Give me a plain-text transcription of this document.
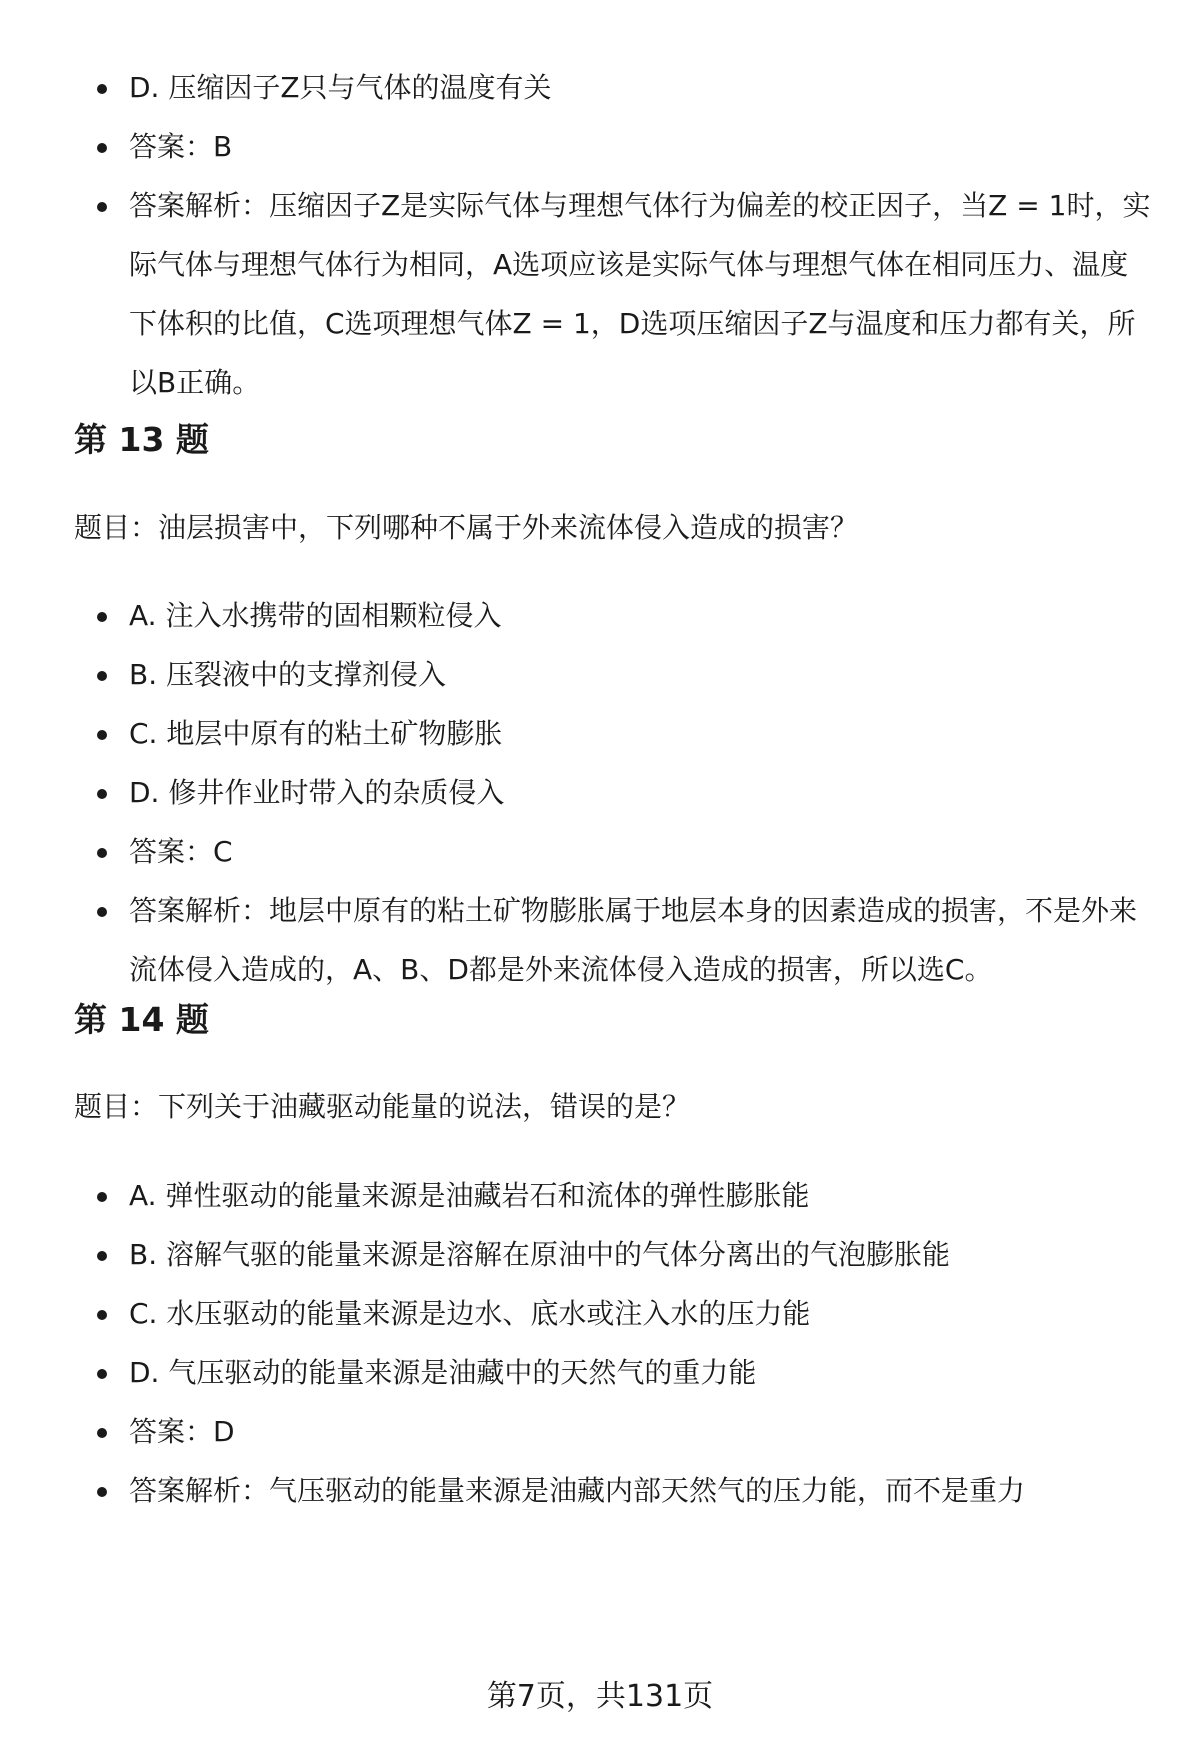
D. 压缩因子Z只与气体的温度有关
答案：B
答案解析：压缩因子Z是实际气体与理想气体行为偏差的校正因子，当Z = 1时，实际气体与理想气体行为相同，A选项应该是实际气体与理想气体在相同压力、温度下体积的比值，C选项理想气体Z = 1，D选项压缩因子Z与温度和压力都有关，所以B正确。
第 13 题

题目：油层损害中，下列哪种不属于外来流体侵入造成的损害？

A. 注入水携带的固相颗粒侵入
B. 压裂液中的支撑剂侵入
C. 地层中原有的粘土矿物膨胀
D. 修井作业时带入的杂质侵入
答案：C
答案解析：地层中原有的粘土矿物膨胀属于地层本身的因素造成的损害，不是外来流体侵入造成的，A、B、D都是外来流体侵入造成的损害，所以选C。
第 14 题

题目：下列关于油藏驱动能量的说法，错误的是？

A. 弹性驱动的能量来源是油藏岩石和流体的弹性膨胀能
B. 溶解气驱的能量来源是溶解在原油中的气体分离出的气泡膨胀能
C. 水压驱动的能量来源是边水、底水或注入水的压力能
D. 气压驱动的能量来源是油藏中的天然气的重力能
答案：D
答案解析：气压驱动的能量来源是油藏内部天然气的压力能，而不是重力
第7页，共131页
